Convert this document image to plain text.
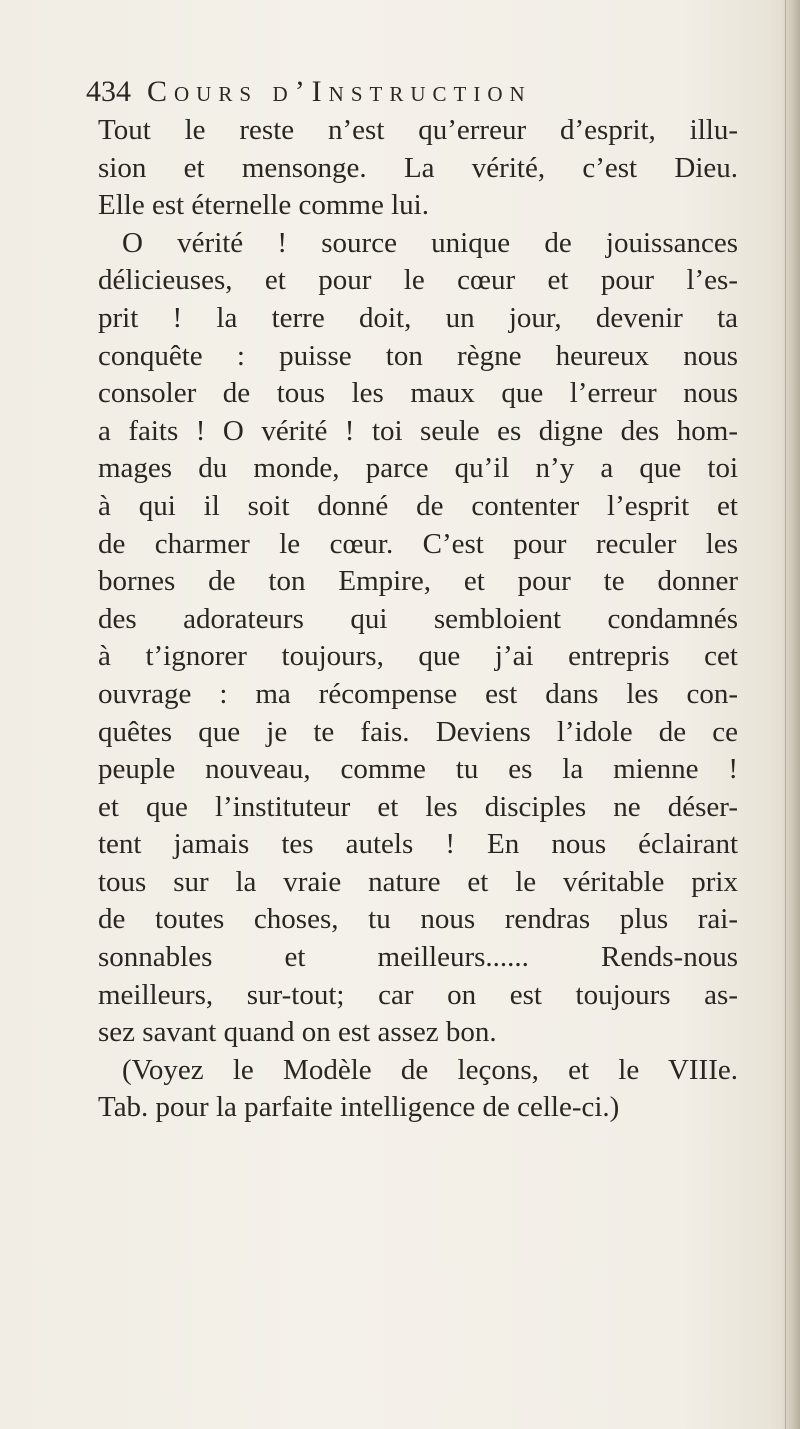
434 Cours d’Instruction
Tout le reste n’est qu’erreur d’esprit, illu-
sion et mensonge. La vérité, c’est Dieu.
Elle est éternelle comme lui.
O vérité ! source unique de jouissances
délicieuses, et pour le cœur et pour l’es-
prit ! la terre doit, un jour, devenir ta
conquête : puisse ton règne heureux nous
consoler de tous les maux que l’erreur nous
a faits ! O vérité ! toi seule es digne des hom-
mages du monde, parce qu’il n’y a que toi
à qui il soit donné de contenter l’esprit et
de charmer le cœur. C’est pour reculer les
bornes de ton Empire, et pour te donner
des adorateurs qui sembloient condamnés
à t’ignorer toujours, que j’ai entrepris cet
ouvrage : ma récompense est dans les con-
quêtes que je te fais. Deviens l’idole de ce
peuple nouveau, comme tu es la mienne !
et que l’instituteur et les disciples ne déser-
tent jamais tes autels ! En nous éclairant
tous sur la vraie nature et le véritable prix
de toutes choses, tu nous rendras plus rai-
sonnables et meilleurs...... Rends-nous
meilleurs, sur-tout; car on est toujours as-
sez savant quand on est assez bon.
(Voyez le Modèle de leçons, et le VIIIe.
Tab. pour la parfaite intelligence de celle-ci.)
